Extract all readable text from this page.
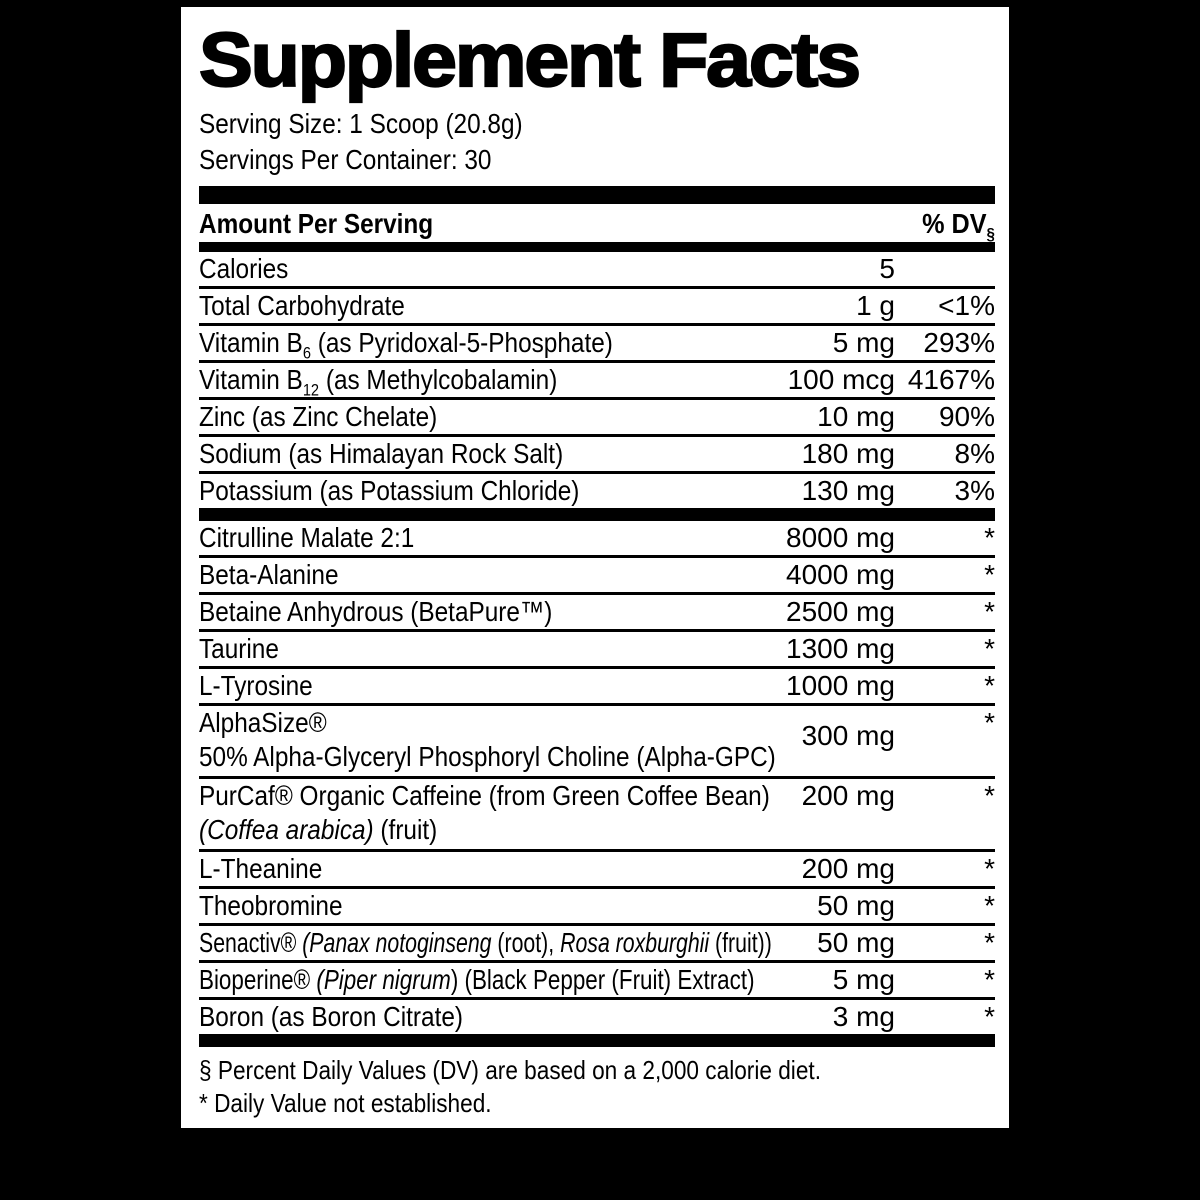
Supplement Facts
Serving Size: 1 Scoop (20.8g)
Servings Per Container: 30
Amount Per Serving	% $DV_\S$
Calories	5
Total Carbohydrate	1 g	<1%
Vitamin $B_6$ (as Pyridoxal-5-Phosphate)	5 mg	293%
Vitamin $B_{12}$ (as Methylcobalamin)	100 mcg 4167%
Zinc (as Zinc Chelate)	10 mg	90%
Sodium (as Himalayan Rock Salt)	180 mg	8%
Potassium (as Potassium Chloride)	130 mg	3%
Citrulline Malate 2:1	8000 mg	*
Beta-Alanine	4000 mg	*
Betaine Anhydrous (BetaPure™)	2500 mg	*
Taurine	1300 mg	*
L-Tyrosine	1000 mg	*
AlphaSize®
50% Alpha-Glyceryl Phosphoryl Choline (Alpha-GPC)
300 mg	*
PurCaf® Organic Caffeine (from Green Coffee Bean)
(Coffea arabica) (fruit)
200 mg	*
L-Theanine	200 mg	*
Theobromine	50 mg	*
Senactiv® (Panax notoginseng (root), Rosa roxburghii (fruit))	50 mg	*
Bioperine® (Piper nigrum) (Black Pepper (Fruit) Extract)	5 mg	*
Boron (as Boron Citrate)	3 mg	*
§ Percent Daily Values (DV) are based on a 2,000 calorie diet.
* Daily Value not established.
